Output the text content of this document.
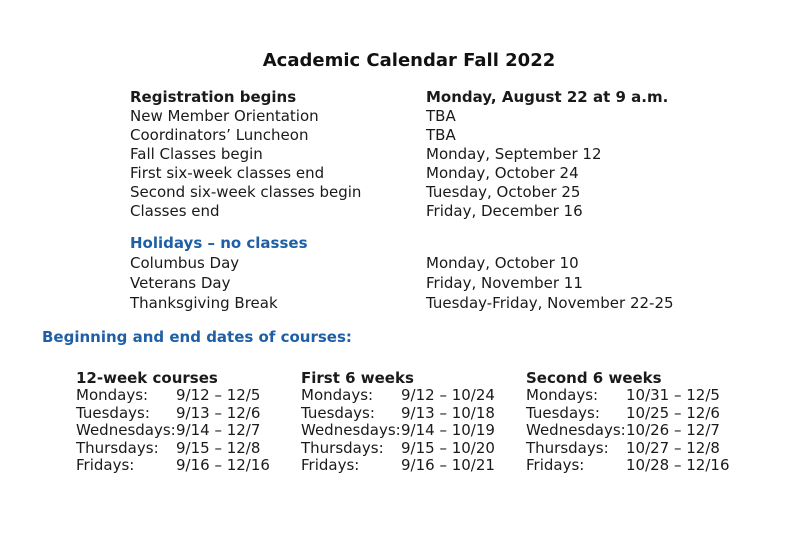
Academic Calendar Fall 2022
Registration begins	Monday, August 22 at 9 a.m.
New Member Orientation	TBA
Coordinators’ Luncheon	TBA
Fall Classes begin	Monday, September 12
First six-week classes end	Monday, October 24
Second six-week classes begin	Tuesday, October 25
Classes end	Friday, December 16
Holidays – no classes
Columbus Day	Monday, October 10
Veterans Day	Friday, November 11
Thanksgiving Break	Tuesday-Friday, November 22-25
Beginning and end dates of courses:
12-week courses
Mondays: 9/12 – 12/5
Tuesdays: 9/13 – 12/6
Wednesdays: 9/14 – 12/7
Thursdays: 9/15 – 12/8
Fridays:	9/16 – 12/16
First 6 weeks
Mondays: 9/12 – 10/24
Tuesdays: 9/13 – 10/18
Wednesdays: 9/14 – 10/19
Thursdays: 9/15 – 10/20
Fridays:	9/16 – 10/21
Second 6 weeks
Mondays: 10/31 – 12/5
Tuesdays: 10/25 – 12/6
Wednesdays: 10/26 – 12/7
Thursdays: 10/27 – 12/8
Fridays:	10/28 – 12/16
